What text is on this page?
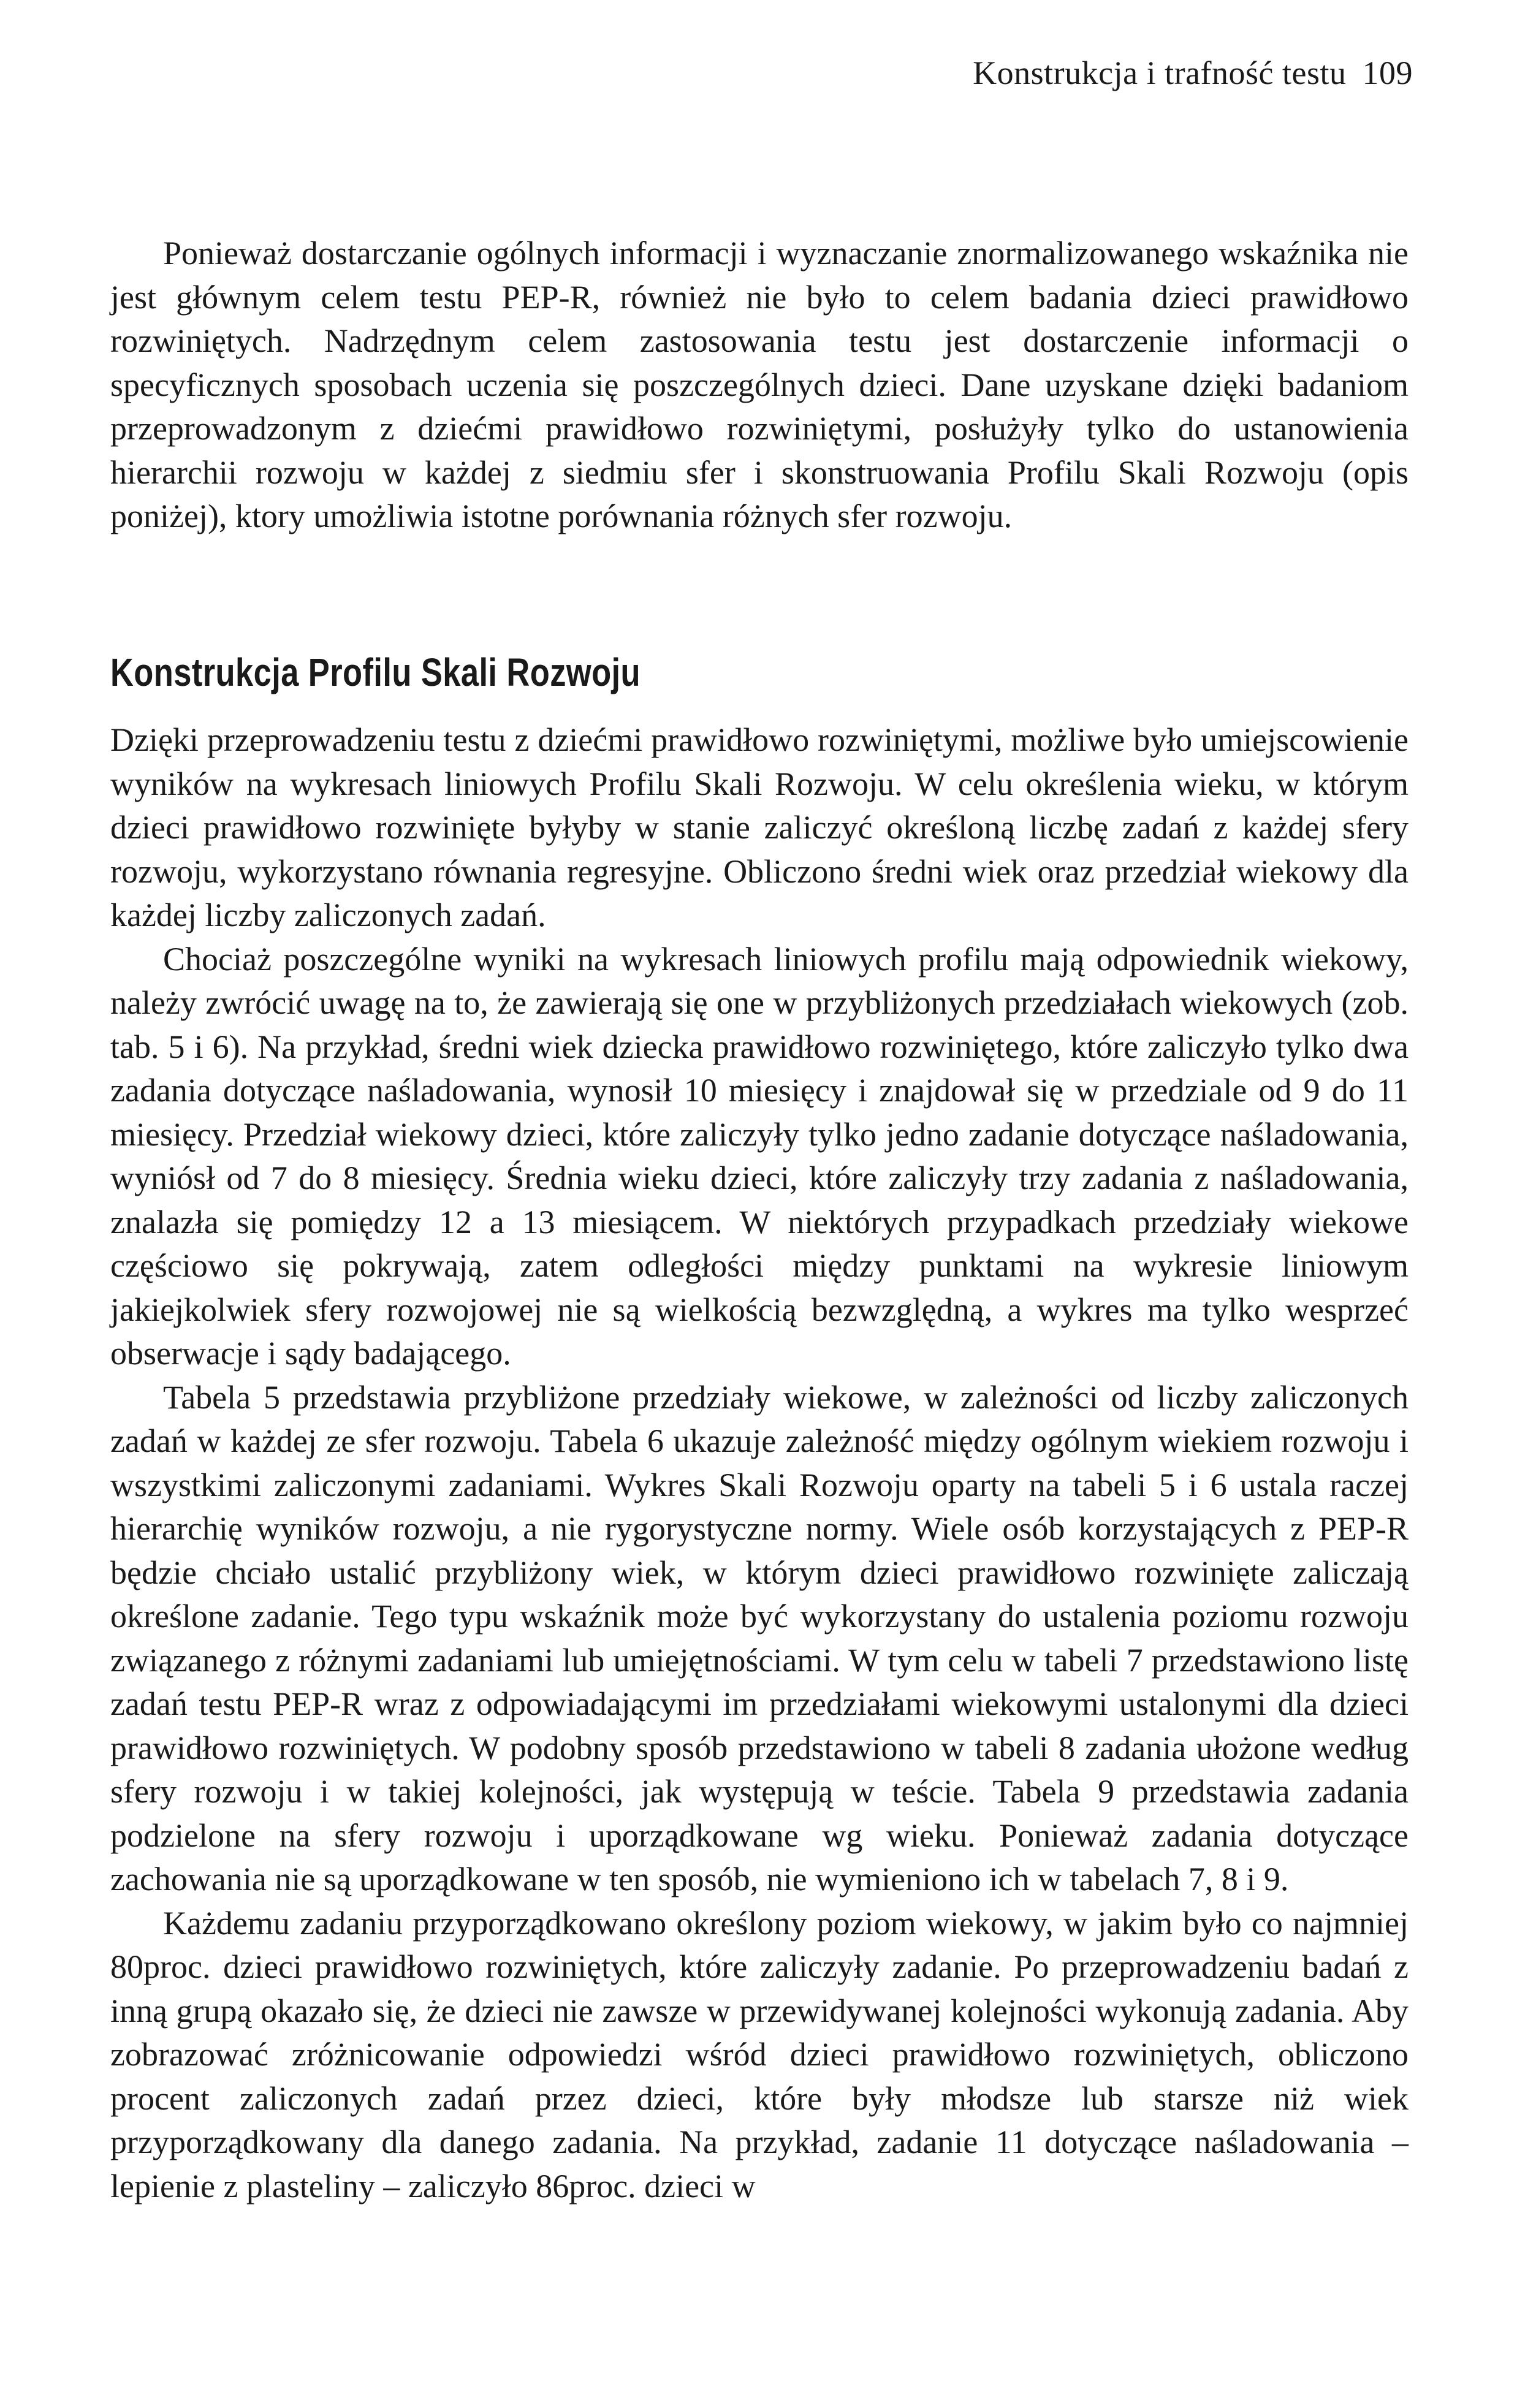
Konstrukcja i trafność testu 109

Ponieważ dostarczanie ogólnych informacji i wyznaczanie znormalizowanego wskaźnika nie jest głównym celem testu PEP-R, również nie było to celem badania dzieci prawidłowo rozwiniętych. Nadrzędnym celem zastosowania testu jest dostarczenie informacji o specyficznych sposobach uczenia się poszczególnych dzieci. Dane uzyskane dzięki badaniom przeprowadzonym z dziećmi prawidłowo rozwiniętymi, posłużyły tylko do ustanowienia hierarchii rozwoju w każdej z siedmiu sfer i skonstruowania Profilu Skali Rozwoju (opis poniżej), ktory umożliwia istotne porównania różnych sfer rozwoju.

Konstrukcja Profilu Skali Rozwoju

Dzięki przeprowadzeniu testu z dziećmi prawidłowo rozwiniętymi, możliwe było umiejscowienie wyników na wykresach liniowych Profilu Skali Rozwoju. W celu określenia wieku, w którym dzieci prawidłowo rozwinięte byłyby w stanie zaliczyć określoną liczbę zadań z każdej sfery rozwoju, wykorzystano równania regresyjne. Obliczono średni wiek oraz przedział wiekowy dla każdej liczby zaliczonych zadań.

Chociaż poszczególne wyniki na wykresach liniowych profilu mają odpowiednik wiekowy, należy zwrócić uwagę na to, że zawierają się one w przybliżonych przedziałach wiekowych (zob. tab. 5 i 6). Na przykład, średni wiek dziecka prawidłowo rozwiniętego, które zaliczyło tylko dwa zadania dotyczące naśladowania, wynosił 10 miesięcy i znajdował się w przedziale od 9 do 11 miesięcy. Przedział wiekowy dzieci, które zaliczyły tylko jedno zadanie dotyczące naśladowania, wyniósł od 7 do 8 miesięcy. Średnia wieku dzieci, które zaliczyły trzy zadania z naśladowania, znalazła się pomiędzy 12 a 13 miesiącem. W niektórych przypadkach przedziały wiekowe częściowo się pokrywają, zatem odległości między punktami na wykresie liniowym jakiejkolwiek sfery rozwojowej nie są wielkością bezwzględną, a wykres ma tylko wesprzeć obserwacje i sądy badającego.

Tabela 5 przedstawia przybliżone przedziały wiekowe, w zależności od liczby zaliczonych zadań w każdej ze sfer rozwoju. Tabela 6 ukazuje zależność między ogólnym wiekiem rozwoju i wszystkimi zaliczonymi zadaniami. Wykres Skali Rozwoju oparty na tabeli 5 i 6 ustala raczej hierarchię wyników rozwoju, a nie rygorystyczne normy. Wiele osób korzystających z PEP-R będzie chciało ustalić przybliżony wiek, w którym dzieci prawidłowo rozwinięte zaliczają określone zadanie. Tego typu wskaźnik może być wykorzystany do ustalenia poziomu rozwoju związanego z różnymi zadaniami lub umiejętnościami. W tym celu w tabeli 7 przedstawiono listę zadań testu PEP-R wraz z odpowiadającymi im przedziałami wiekowymi ustalonymi dla dzieci prawidłowo rozwiniętych. W podobny sposób przedstawiono w tabeli 8 zadania ułożone według sfery rozwoju i w takiej kolejności, jak występują w teście. Tabela 9 przedstawia zadania podzielone na sfery rozwoju i uporządkowane wg wieku. Ponieważ zadania dotyczące zachowania nie są uporządkowane w ten sposób, nie wymieniono ich w tabelach 7, 8 i 9.

Każdemu zadaniu przyporządkowano określony poziom wiekowy, w jakim było co najmniej 80proc. dzieci prawidłowo rozwiniętych, które zaliczyły zadanie. Po przeprowadzeniu badań z inną grupą okazało się, że dzieci nie zawsze w przewidywanej kolejności wykonują zadania. Aby zobrazować zróżnicowanie odpowiedzi wśród dzieci prawidłowo rozwiniętych, obliczono procent zaliczonych zadań przez dzieci, które były młodsze lub starsze niż wiek przyporządkowany dla danego zadania. Na przykład, zadanie 11 dotyczące naśladowania – lepienie z plasteliny – zaliczyło 86proc. dzieci w
